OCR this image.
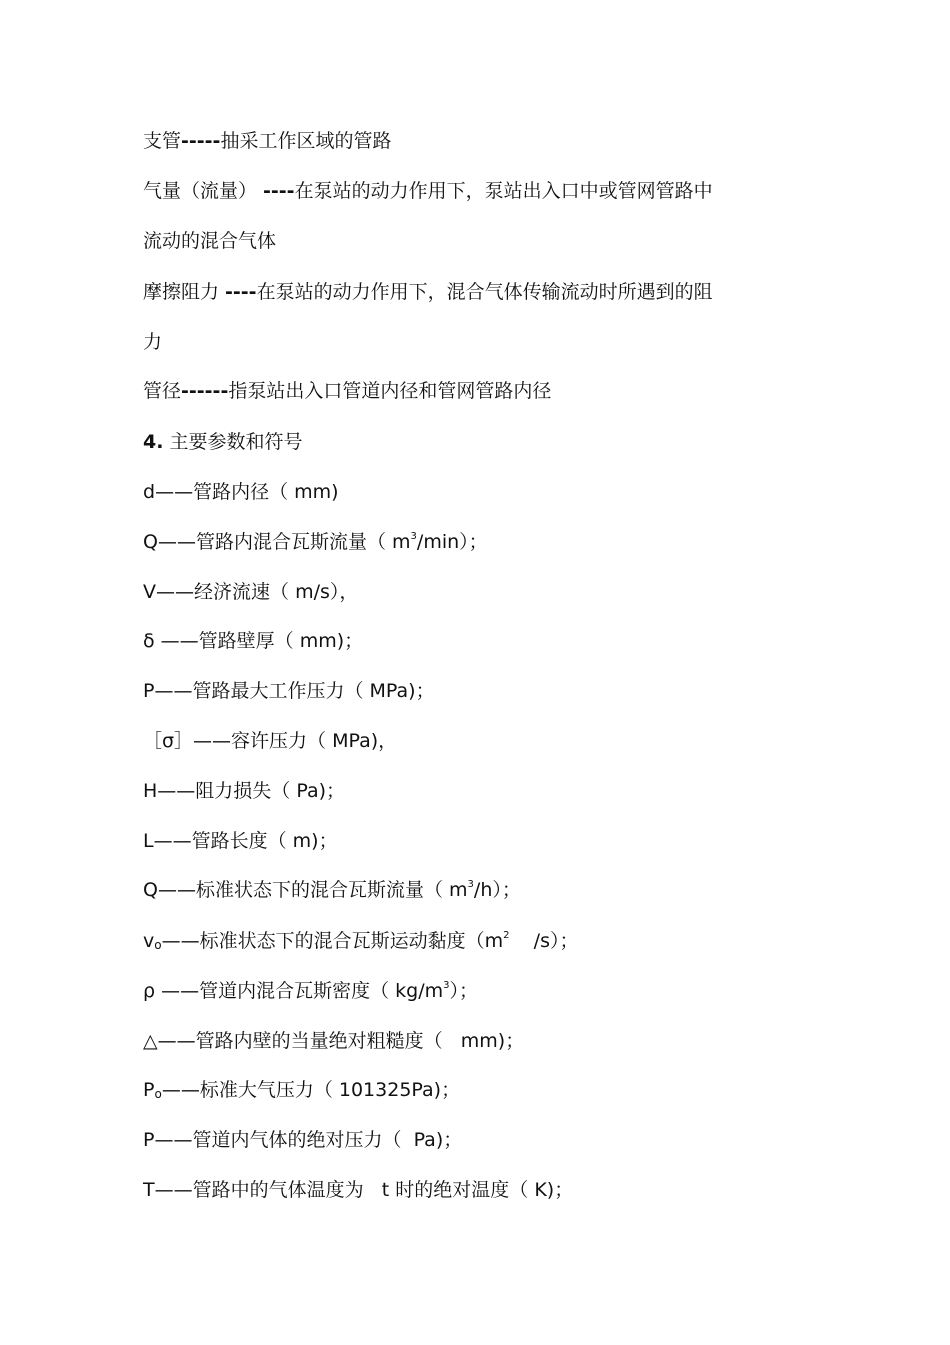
支管-----抽采工作区域的管路
气量（流量） ----在泵站的动力作用下，泵站出入口中或管网管路中
流动的混合气体
摩擦阻力 ----在泵站的动力作用下，混合气体传输流动时所遇到的阻
力
管径------指泵站出入口管道内径和管网管路内径
4. 主要参数和符号
d——管路内径（ mm)
Q——管路内混合瓦斯流量（ $m^3/\min$）；
V——经济流速（ m/s），
δ ——管路壁厚（ mm)；
P——管路最大工作压力（ MPa)；
［σ］——容许压力（ MPa)，
H——阻力损失（ Pa)；
L——管路长度（ m)；
Q——标准状态下的混合瓦斯流量（ $m^3/h$）；
$v_o——$标准状态下的混合瓦斯运动黏度（$m^2$ /s）；
ρ ——管道内混合瓦斯密度（ $kg/m^3$）；
△——管路内壁的当量绝对粗糙度（ mm)；
$P_o——$标准大气压力（ 101325Pa)；
P——管道内气体的绝对压力（ Pa)；
T——管路中的气体温度为 t 时的绝对温度（ K)；
